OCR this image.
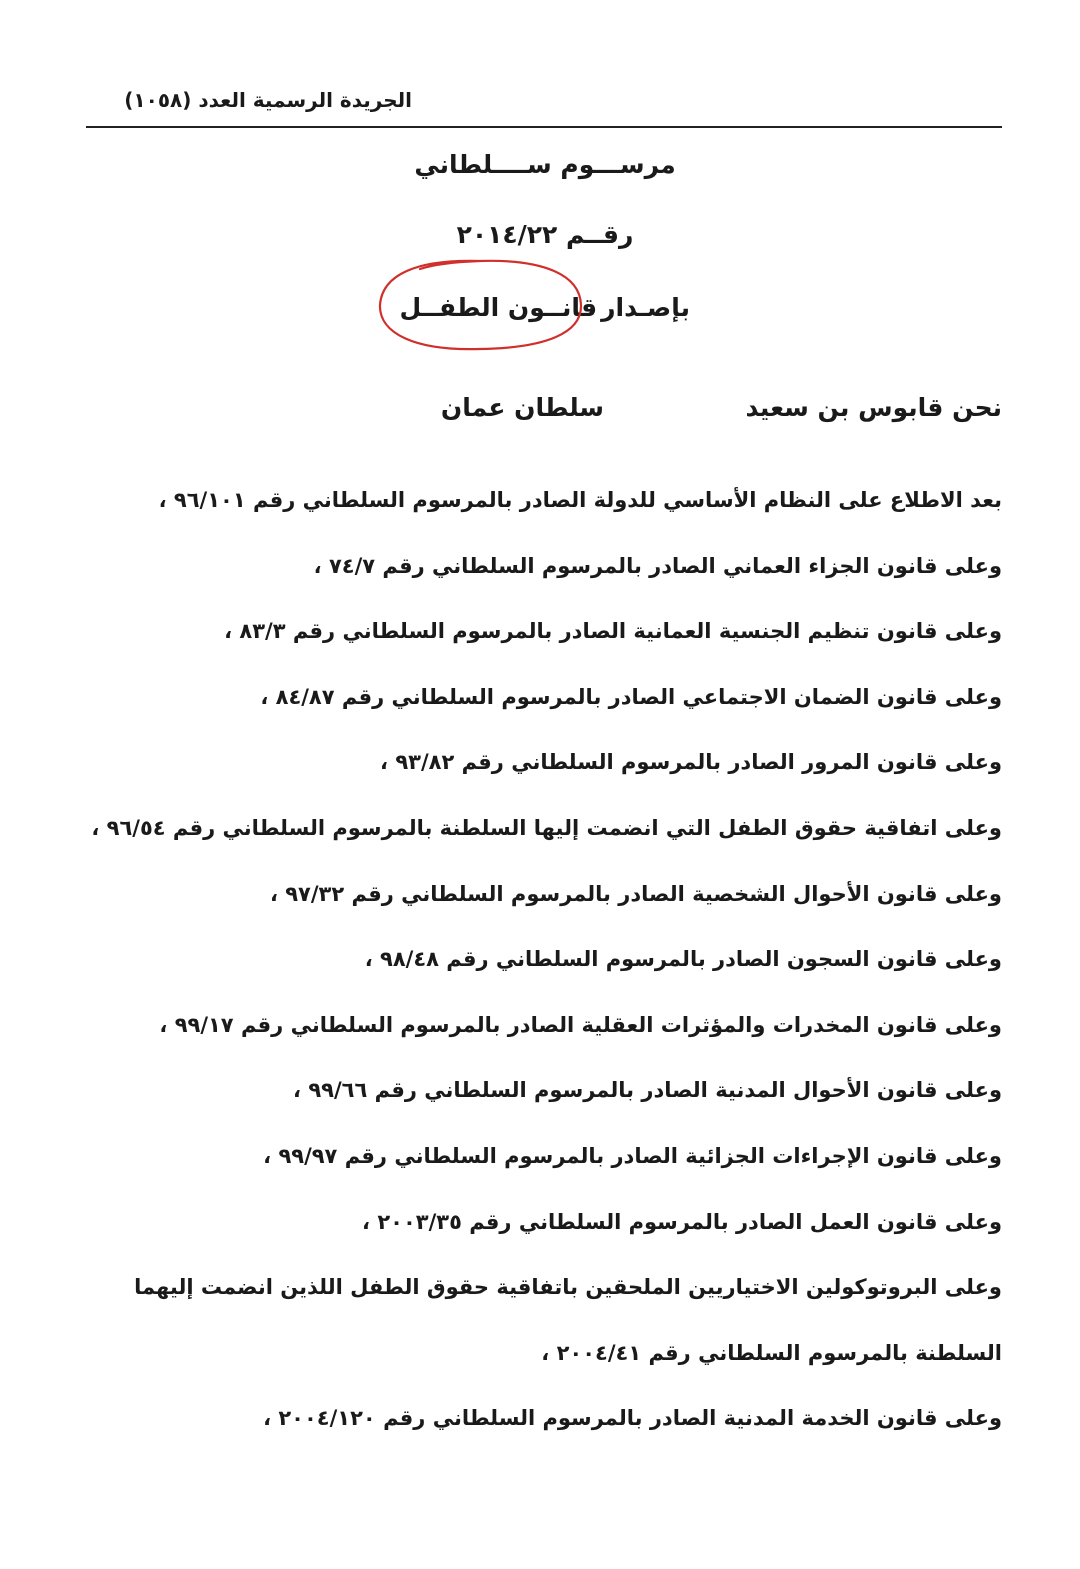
الجريدة الرسمية العدد (١٠٥٨)
مرســـوم ســــلطاني
رقــم ٢٠١٤/٢٢
بإصـدارقانــون الطفــل
نحن قابوس بن سعيد
سلطان عمان
بعد الاطلاع على النظام الأساسي للدولة الصادر بالمرسوم السلطاني رقم ٩٦/١٠١ ،
وعلى قانون الجزاء العماني الصادر بالمرسوم السلطاني رقم ٧٤/٧ ،
وعلى قانون تنظيم الجنسية العمانية الصادر بالمرسوم السلطاني رقم ٨٣/٣ ،
وعلى قانون الضمان الاجتماعي الصادر بالمرسوم السلطاني رقم ٨٤/٨٧ ،
وعلى قانون المرور الصادر بالمرسوم السلطاني رقم ٩٣/٨٢ ،
وعلى اتفاقية حقوق الطفل التي انضمت إليها السلطنة بالمرسوم السلطاني رقم ٩٦/٥٤ ،
وعلى قانون الأحوال الشخصية الصادر بالمرسوم السلطاني رقم ٩٧/٣٢ ،
وعلى قانون السجون الصادر بالمرسوم السلطاني رقم ٩٨/٤٨ ،
وعلى قانون المخدرات والمؤثرات العقلية الصادر بالمرسوم السلطاني رقم ٩٩/١٧ ،
وعلى قانون الأحوال المدنية الصادر بالمرسوم السلطاني رقم ٩٩/٦٦ ،
وعلى قانون الإجراءات الجزائية الصادر بالمرسوم السلطاني رقم ٩٩/٩٧ ،
وعلى قانون العمل الصادر بالمرسوم السلطاني رقم ٢٠٠٣/٣٥ ،
وعلى البروتوكولين الاختياريين الملحقين باتفاقية حقوق الطفل اللذين انضمت إليهما
السلطنة بالمرسوم السلطاني رقم ٢٠٠٤/٤١ ،
وعلى قانون الخدمة المدنية الصادر بالمرسوم السلطاني رقم ٢٠٠٤/١٢٠ ،
